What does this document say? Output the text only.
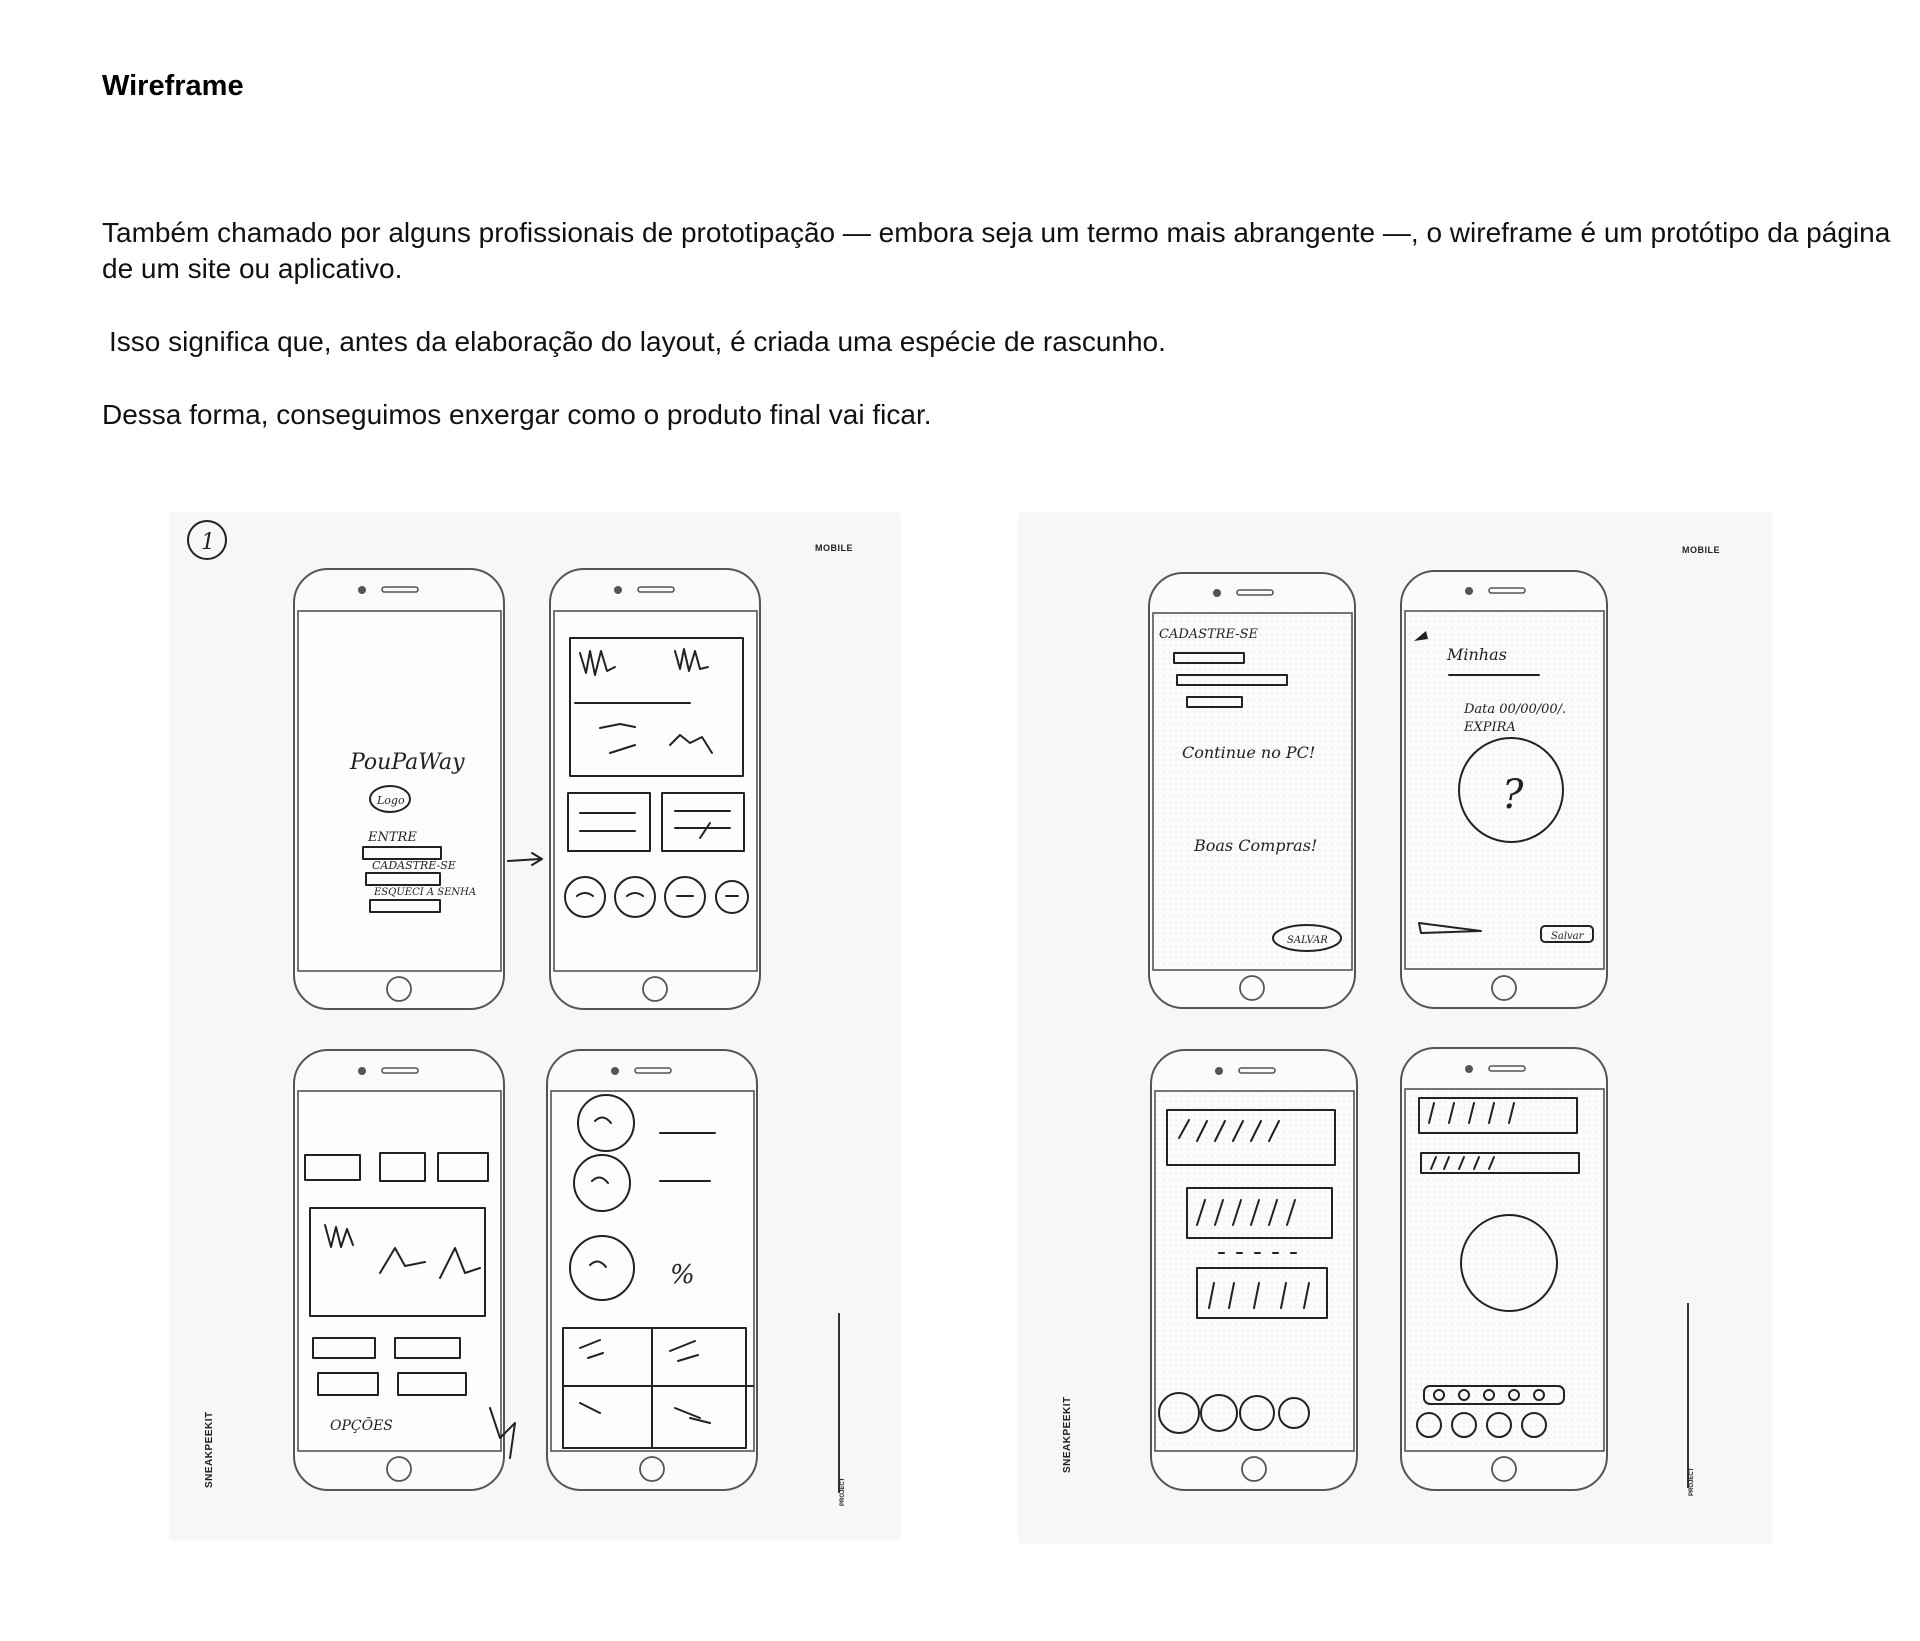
Wireframe

Também chamado por alguns profissionais de prototipação — embora seja um termo mais abrangente —, o wireframe é um protótipo da página de um site ou aplicativo.

Isso significa que, antes da elaboração do layout, é criada uma espécie de rascunho.

Dessa forma, conseguimos enxergar como o produto final vai ficar.

1
PouPaWay
Logo
ENTRE
CADASTRE-SE
ESQUECI A SENHA
OPÇÕES
%
MOBILE
SNEAKPEEKIT
PROJECT
CADASTRE-SE
Continue no PC!
Boas Compras!
SALVAR
Minhas
Data 00/00/00/.
EXPIRA
?
Salvar
MOBILE
SNEAKPEEKIT
PROJECT
